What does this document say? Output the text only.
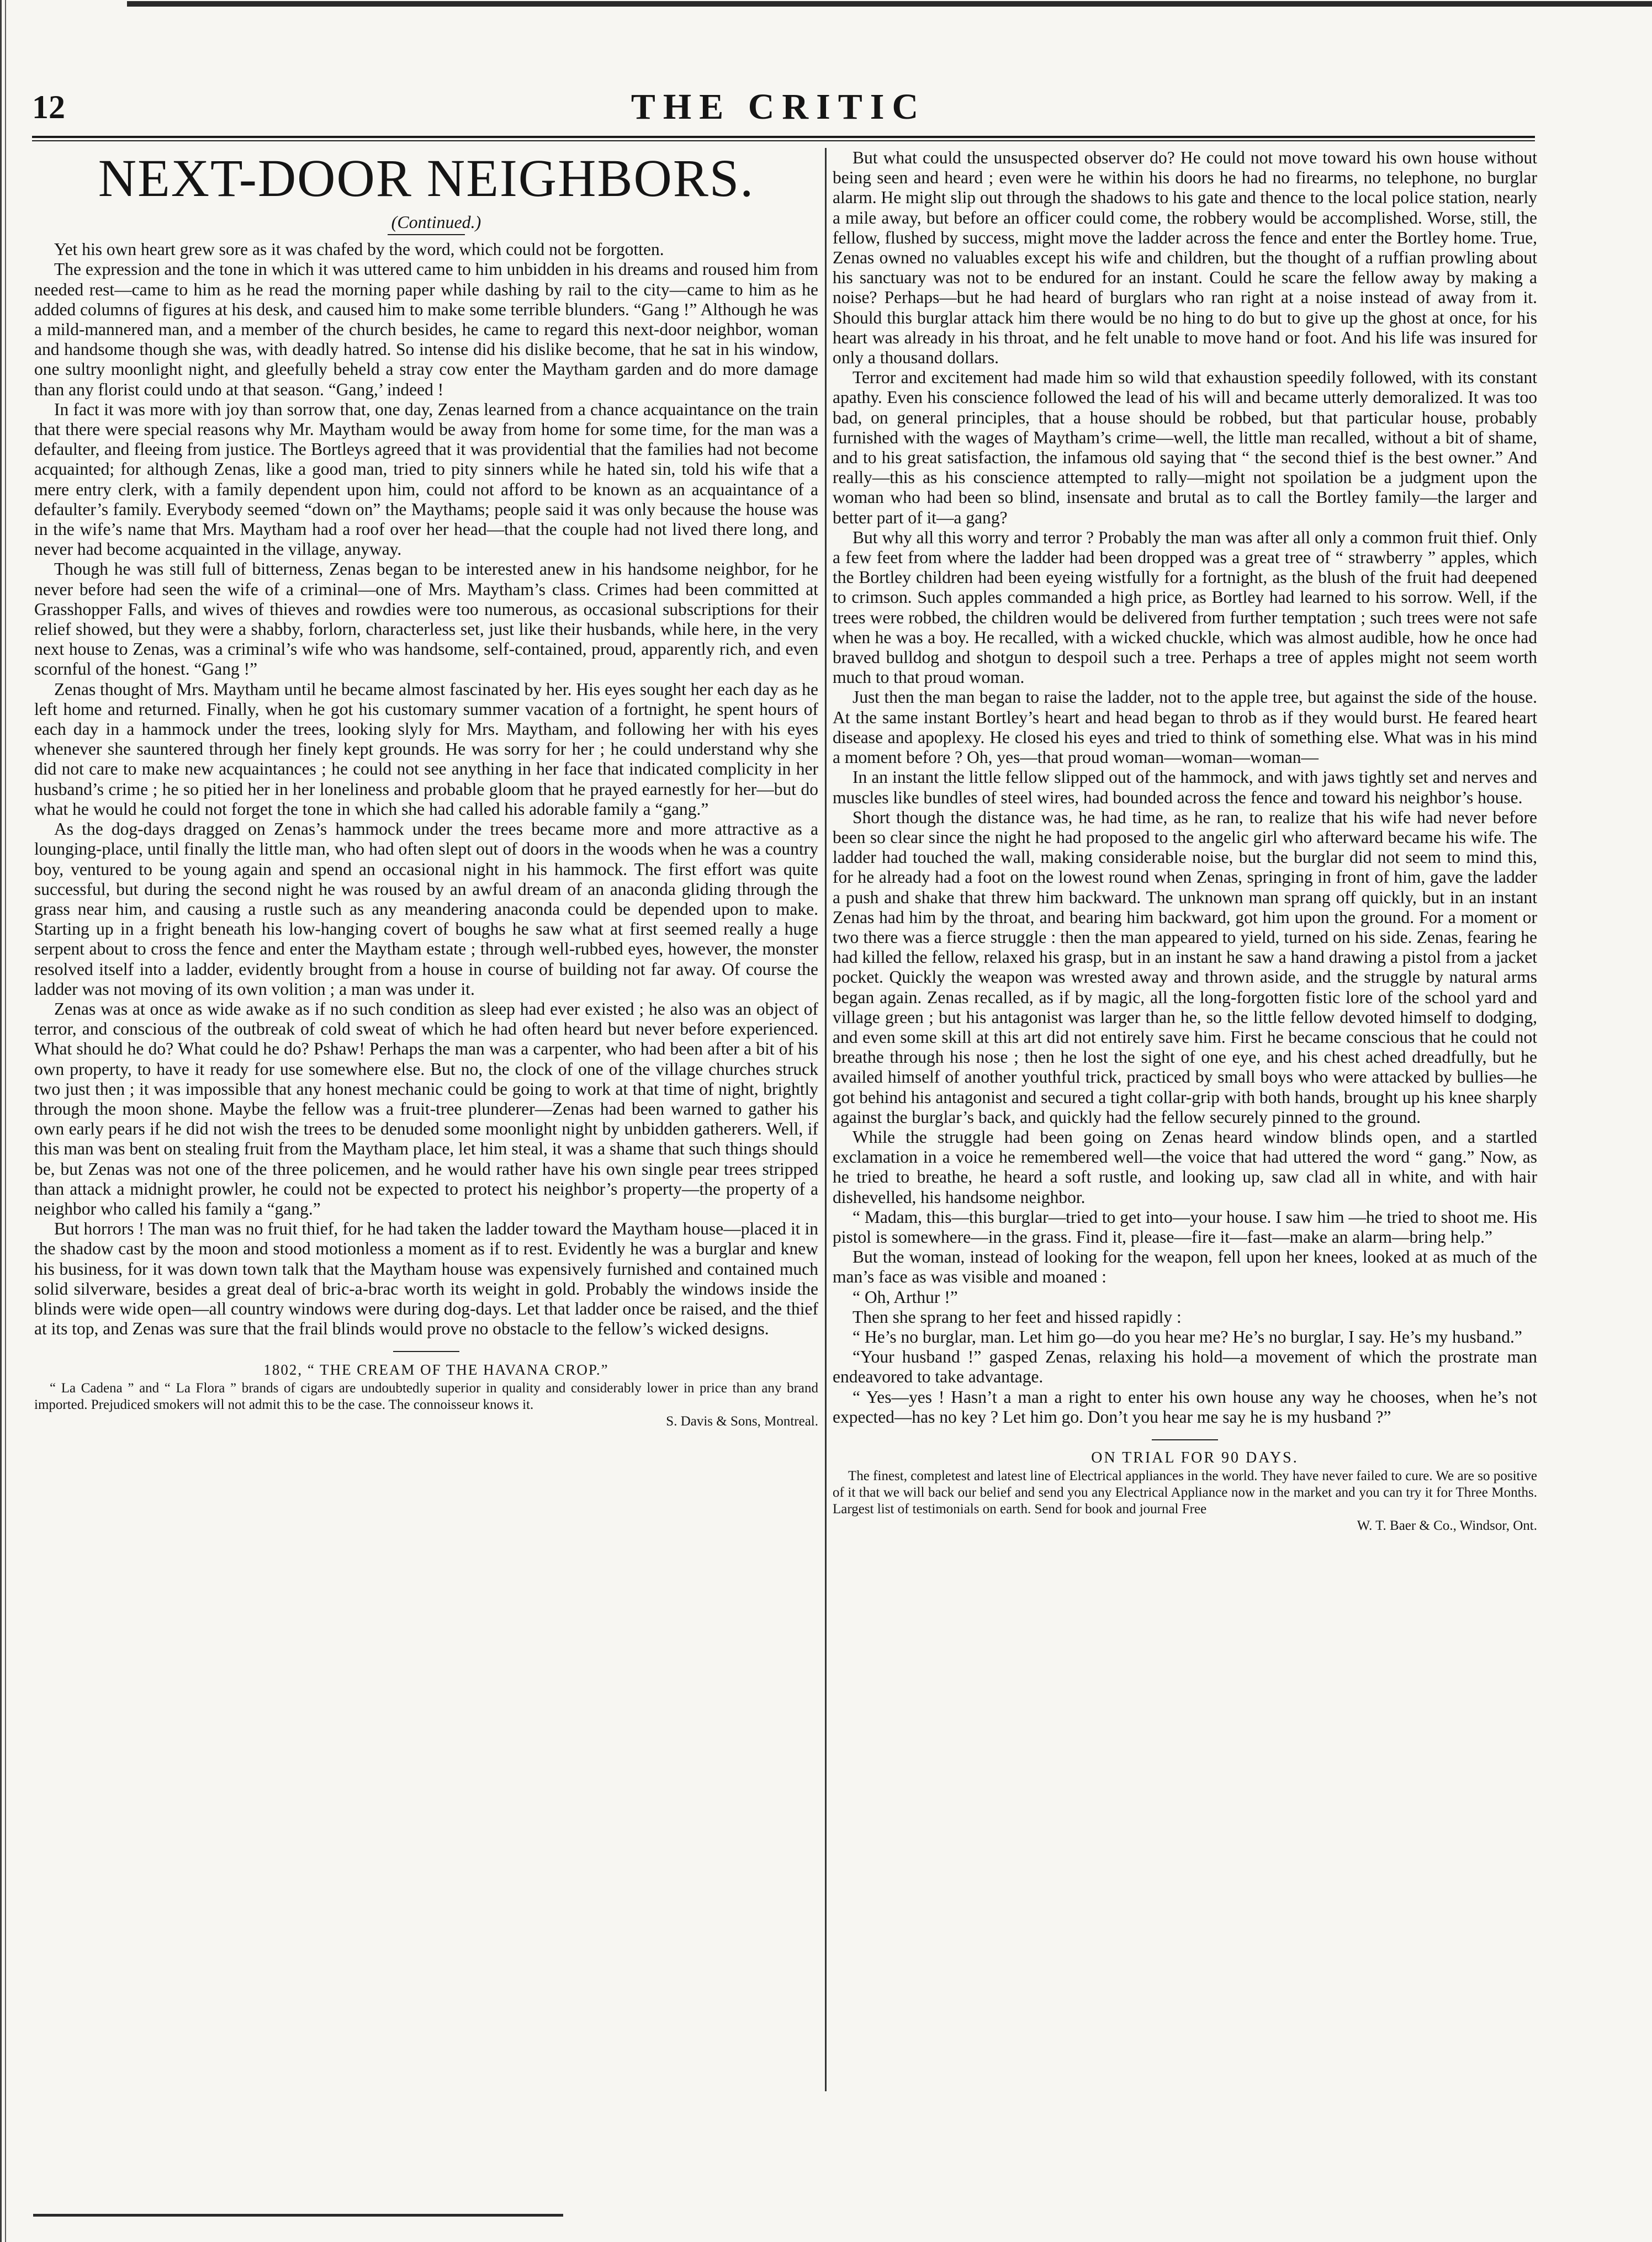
12	THE CRITIC
NEXT-DOOR NEIGHBORS.

(Continued.)

Yet his own heart grew sore as it was chafed by the word, which could not be forgotten.

The expression and the tone in which it was uttered came to him unbidden in his dreams and roused him from needed rest—came to him as he read the morning paper while dashing by rail to the city—came to him as he added columns of figures at his desk, and caused him to make some terrible blunders. “Gang !” Although he was a mild-mannered man, and a member of the church besides, he came to regard this next-door neighbor, woman and handsome though she was, with deadly hatred. So intense did his dislike become, that he sat in his window, one sultry moonlight night, and gleefully beheld a stray cow enter the Maytham garden and do more damage than any florist could undo at that season. “Gang,’ indeed !

In fact it was more with joy than sorrow that, one day, Zenas learned from a chance acquaintance on the train that there were special reasons why Mr. Maytham would be away from home for some time, for the man was a defaulter, and fleeing from justice. The Bortleys agreed that it was providential that the families had not become acquainted; for although Zenas, like a good man, tried to pity sinners while he hated sin, told his wife that a mere entry clerk, with a family dependent upon him, could not afford to be known as an acquaintance of a defaulter’s family. Everybody seemed “down on” the Maythams; people said it was only because the house was in the wife’s name that Mrs. Maytham had a roof over her head—that the couple had not lived there long, and never had become acquainted in the village, anyway.

Though he was still full of bitterness, Zenas began to be interested anew in his handsome neighbor, for he never before had seen the wife of a criminal—one of Mrs. Maytham’s class. Crimes had been committed at Grasshopper Falls, and wives of thieves and rowdies were too numerous, as occasional subscriptions for their relief showed, but they were a shabby, forlorn, characterless set, just like their husbands, while here, in the very next house to Zenas, was a criminal’s wife who was handsome, self-contained, proud, apparently rich, and even scornful of the honest. “Gang !”

Zenas thought of Mrs. Maytham until he became almost fascinated by her. His eyes sought her each day as he left home and returned. Finally, when he got his customary summer vacation of a fortnight, he spent hours of each day in a hammock under the trees, looking slyly for Mrs. Maytham, and following her with his eyes whenever she sauntered through her finely kept grounds. He was sorry for her ; he could understand why she did not care to make new acquaintances ; he could not see anything in her face that indicated complicity in her husband’s crime ; he so pitied her in her loneliness and probable gloom that he prayed earnestly for her—but do what he would he could not forget the tone in which she had called his adorable family a “gang.”

As the dog-days dragged on Zenas’s hammock under the trees became more and more attractive as a lounging-place, until finally the little man, who had often slept out of doors in the woods when he was a country boy, ventured to be young again and spend an occasional night in his hammock. The first effort was quite successful, but during the second night he was roused by an awful dream of an anaconda gliding through the grass near him, and causing a rustle such as any meandering anaconda could be depended upon to make. Starting up in a fright beneath his low-hanging covert of boughs he saw what at first seemed really a huge serpent about to cross the fence and enter the Maytham estate ; through well-rubbed eyes, however, the monster resolved itself into a ladder, evidently brought from a house in course of building not far away. Of course the ladder was not moving of its own volition ; a man was under it.

Zenas was at once as wide awake as if no such condition as sleep had ever existed ; he also was an object of terror, and conscious of the outbreak of cold sweat of which he had often heard but never before experienced. What should he do? What could he do? Pshaw! Perhaps the man was a carpenter, who had been after a bit of his own property, to have it ready for use somewhere else. But no, the clock of one of the village churches struck two just then ; it was impossible that any honest mechanic could be going to work at that time of night, brightly through the moon shone. Maybe the fellow was a fruit-tree plunderer—Zenas had been warned to gather his own early pears if he did not wish the trees to be denuded some moonlight night by unbidden gatherers. Well, if this man was bent on stealing fruit from the Maytham place, let him steal, it was a shame that such things should be, but Zenas was not one of the three policemen, and he would rather have his own single pear trees stripped than attack a midnight prowler, he could not be expected to protect his neighbor’s property—the property of a neighbor who called his family a “gang.”

But horrors ! The man was no fruit thief, for he had taken the ladder toward the Maytham house—placed it in the shadow cast by the moon and stood motionless a moment as if to rest. Evidently he was a burglar and knew his business, for it was down town talk that the Maytham house was expensively furnished and contained much solid silverware, besides a great deal of bric-a-brac worth its weight in gold. Probably the windows inside the blinds were wide open—all country windows were during dog-days. Let that ladder once be raised, and the thief at its top, and Zenas was sure that the frail blinds would prove no obstacle to the fellow’s wicked designs.

1802, “ THE CREAM OF THE HAVANA CROP.”

“ La Cadena ” and “ La Flora ” brands of cigars are undoubtedly superior in quality and considerably lower in price than any brand imported. Prejudiced smokers will not admit this to be the case. The connoisseur knows it.

S. Davis & Sons, Montreal.

But what could the unsuspected observer do? He could not move toward his own house without being seen and heard ; even were he within his doors he had no firearms, no telephone, no burglar alarm. He might slip out through the shadows to his gate and thence to the local police station, nearly a mile away, but before an officer could come, the robbery would be accomplished. Worse, still, the fellow, flushed by success, might move the ladder across the fence and enter the Bortley home. True, Zenas owned no valuables except his wife and children, but the thought of a ruffian prowling about his sanctuary was not to be endured for an instant. Could he scare the fellow away by making a noise? Perhaps—but he had heard of burglars who ran right at a noise instead of away from it. Should this burglar attack him there would be no hing to do but to give up the ghost at once, for his heart was already in his throat, and he felt unable to move hand or foot. And his life was insured for only a thousand dollars.

Terror and excitement had made him so wild that exhaustion speedily followed, with its constant apathy. Even his conscience followed the lead of his will and became utterly demoralized. It was too bad, on general principles, that a house should be robbed, but that particular house, probably furnished with the wages of Maytham’s crime—well, the little man recalled, without a bit of shame, and to his great satisfaction, the infamous old saying that “ the second thief is the best owner.” And really—this as his conscience attempted to rally—might not spoilation be a judgment upon the woman who had been so blind, insensate and brutal as to call the Bortley family—the larger and better part of it—a gang?

But why all this worry and terror ? Probably the man was after all only a common fruit thief. Only a few feet from where the ladder had been dropped was a great tree of “ strawberry ” apples, which the Bortley children had been eyeing wistfully for a fortnight, as the blush of the fruit had deepened to crimson. Such apples commanded a high price, as Bortley had learned to his sorrow. Well, if the trees were robbed, the children would be delivered from further temptation ; such trees were not safe when he was a boy. He recalled, with a wicked chuckle, which was almost audible, how he once had braved bulldog and shotgun to despoil such a tree. Perhaps a tree of apples might not seem worth much to that proud woman.

Just then the man began to raise the ladder, not to the apple tree, but against the side of the house. At the same instant Bortley’s heart and head began to throb as if they would burst. He feared heart disease and apoplexy. He closed his eyes and tried to think of something else. What was in his mind a moment before ? Oh, yes—that proud woman—woman—woman—

In an instant the little fellow slipped out of the hammock, and with jaws tightly set and nerves and muscles like bundles of steel wires, had bounded across the fence and toward his neighbor’s house.

Short though the distance was, he had time, as he ran, to realize that his wife had never before been so clear since the night he had proposed to the angelic girl who afterward became his wife. The ladder had touched the wall, making considerable noise, but the burglar did not seem to mind this, for he already had a foot on the lowest round when Zenas, springing in front of him, gave the ladder a push and shake that threw him backward. The unknown man sprang off quickly, but in an instant Zenas had him by the throat, and bearing him backward, got him upon the ground. For a moment or two there was a fierce struggle : then the man appeared to yield, turned on his side. Zenas, fearing he had killed the fellow, relaxed his grasp, but in an instant he saw a hand drawing a pistol from a jacket pocket. Quickly the weapon was wrested away and thrown aside, and the struggle by natural arms began again. Zenas recalled, as if by magic, all the long-forgotten fistic lore of the school yard and village green ; but his antagonist was larger than he, so the little fellow devoted himself to dodging, and even some skill at this art did not entirely save him. First he became conscious that he could not breathe through his nose ; then he lost the sight of one eye, and his chest ached dreadfully, but he availed himself of another youthful trick, practiced by small boys who were attacked by bullies—he got behind his antagonist and secured a tight collar-grip with both hands, brought up his knee sharply against the burglar’s back, and quickly had the fellow securely pinned to the ground.

While the struggle had been going on Zenas heard window blinds open, and a startled exclamation in a voice he remembered well—the voice that had uttered the word “ gang.” Now, as he tried to breathe, he heard a soft rustle, and looking up, saw clad all in white, and with hair dishevelled, his handsome neighbor.

“ Madam, this—this burglar—tried to get into—your house. I saw him —he tried to shoot me. His pistol is somewhere—in the grass. Find it, please—fire it—fast—make an alarm—bring help.”

But the woman, instead of looking for the weapon, fell upon her knees, looked at as much of the man’s face as was visible and moaned :

“ Oh, Arthur !”

Then she sprang to her feet and hissed rapidly :

“ He’s no burglar, man. Let him go—do you hear me? He’s no burglar, I say. He’s my husband.”

“Your husband !” gasped Zenas, relaxing his hold—a movement of which the prostrate man endeavored to take advantage.

“ Yes—yes ! Hasn’t a man a right to enter his own house any way he chooses, when he’s not expected—has no key ? Let him go. Don’t you hear me say he is my husband ?”

ON TRIAL FOR 90 DAYS.

The finest, completest and latest line of Electrical appliances in the world. They have never failed to cure. We are so positive of it that we will back our belief and send you any Electrical Appliance now in the market and you can try it for Three Months. Largest list of testimonials on earth. Send for book and journal Free

W. T. Baer & Co., Windsor, Ont.
